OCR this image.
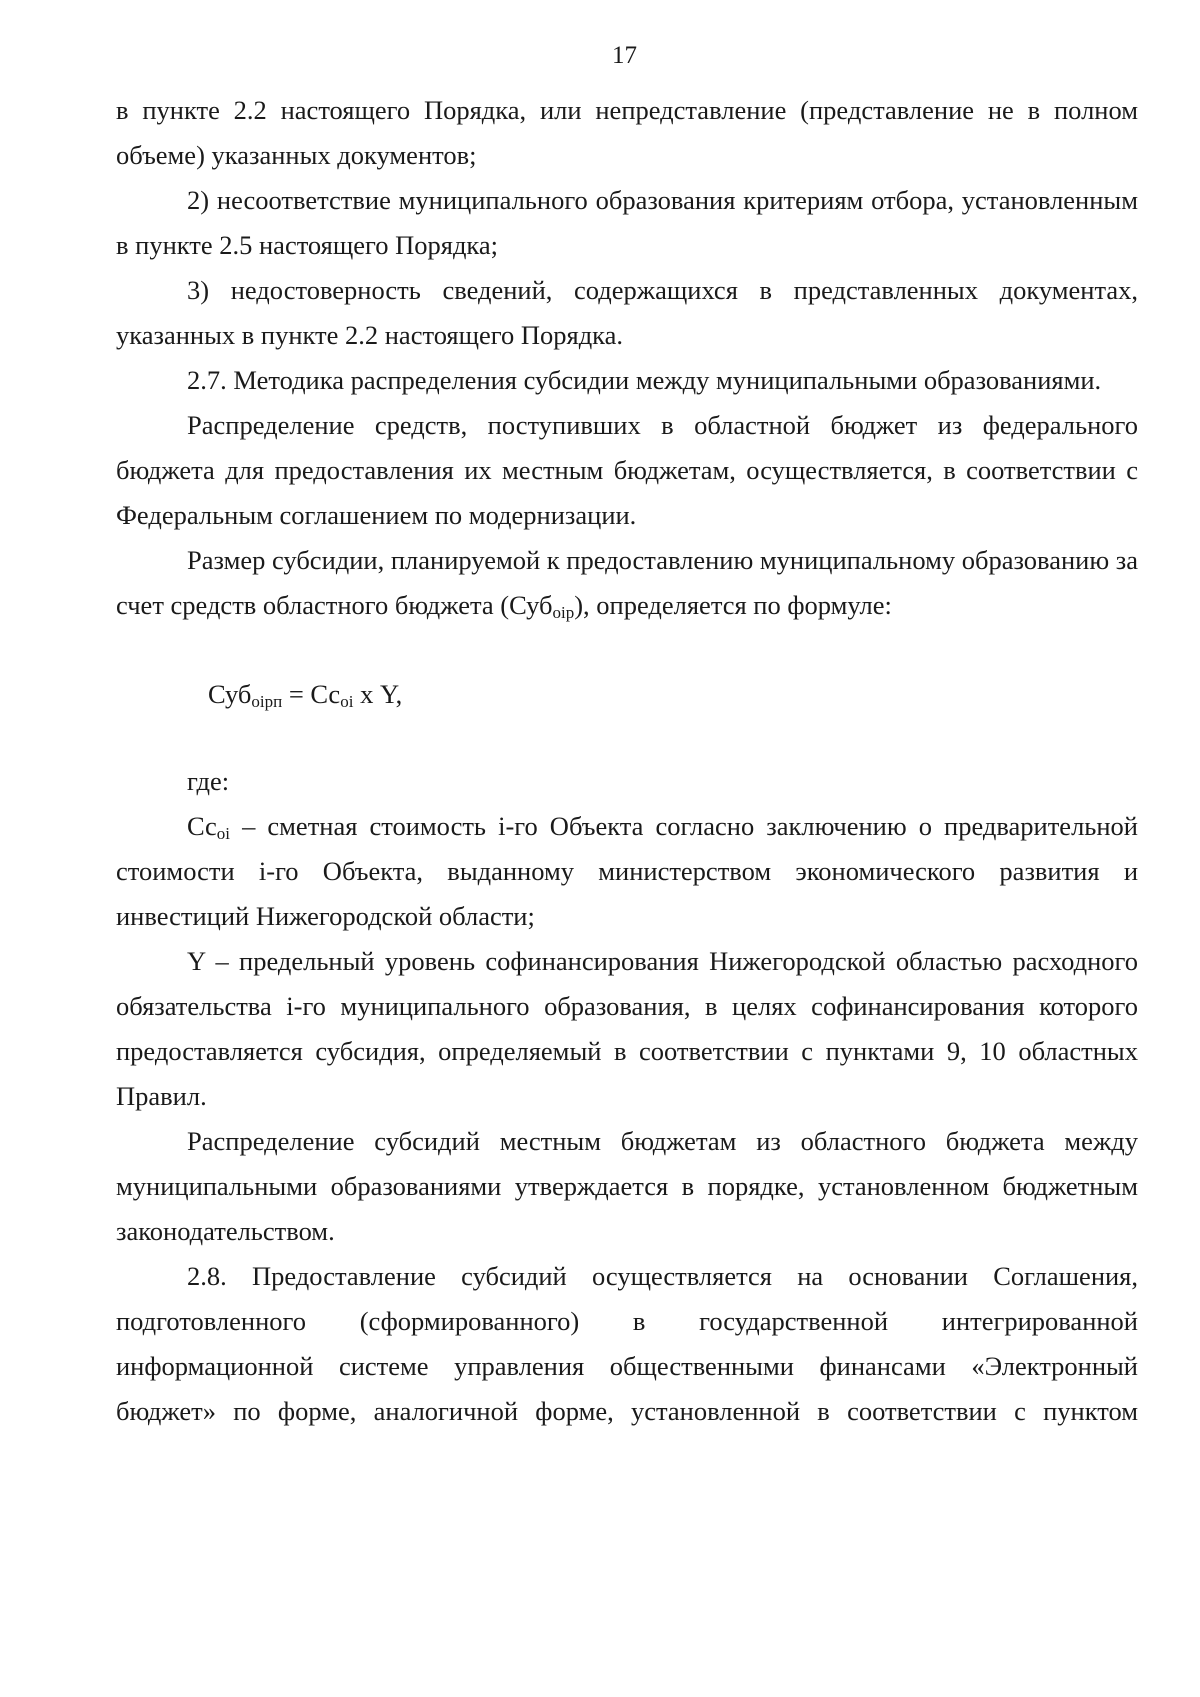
17

в пункте 2.2 настоящего Порядка, или непредставление (представление не в полном объеме) указанных документов;

2) несоответствие муниципального образования критериям отбора, установленным в пункте 2.5 настоящего Порядка;

3) недостоверность сведений, содержащихся в представленных документах, указанных в пункте 2.2 настоящего Порядка.

2.7. Методика распределения субсидии между муниципальными образованиями.

Распределение средств, поступивших в областной бюджет из федерального бюджета для предоставления их местным бюджетам, осуществляется, в соответствии с Федеральным соглашением по модернизации.

Размер субсидии, планируемой к предоставлению муниципальному образованию за счет средств областного бюджета (Суб$_{оiр}$), определяется по формуле:

$Суб_{оiрп} = Сс_{оi}$ х Y,

где:

$Сс_{оi}$ – сметная стоимость i-го Объекта согласно заключению о предварительной стоимости i-го Объекта, выданному министерством экономического развития и инвестиций Нижегородской области;

Y – предельный уровень софинансирования Нижегородской областью расходного обязательства i-го муниципального образования, в целях софинансирования которого предоставляется субсидия, определяемый в соответствии с пунктами 9, 10 областных Правил.

Распределение субсидий местным бюджетам из областного бюджета между муниципальными образованиями утверждается в порядке, установленном бюджетным законодательством.

2.8. Предоставление субсидий осуществляется на основании Соглашения, подготовленного (сформированного) в государственной интегрированной информационной системе управления общественными финансами «Электронный бюджет» по форме, аналогичной форме, установленной в соответствии с пунктом
